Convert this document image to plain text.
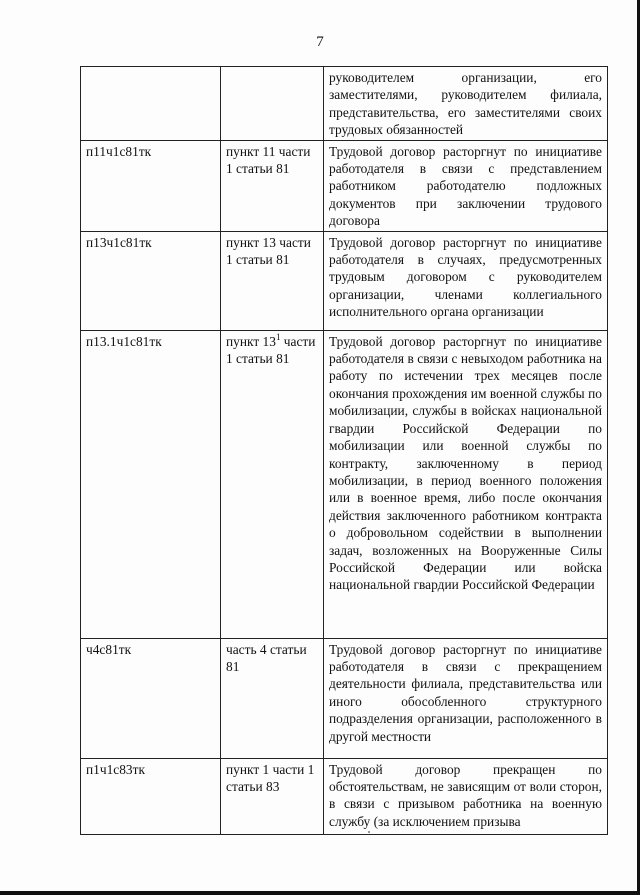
7
		руководителем организации, его заместителями, руководителем филиала, представительства, его заместителями своих трудовых обязанностей
п11ч1с81тк	пункт 11 части 1 статьи 81	Трудовой договор расторгнут по инициативе работодателя в связи с представлением работником работодателю подложных документов при заключении трудового договора
п13ч1с81тк	пункт 13 части 1 статьи 81	Трудовой договор расторгнут по инициативе работодателя в случаях, предусмотренных трудовым договором с руководителем организации, членами коллегиального исполнительного органа организации
п13.1ч1с81тк	пункт $13^1$ части 1 статьи 81	Трудовой договор расторгнут по инициативе работодателя в связи с невыходом работника на работу по истечении трех месяцев после окончания прохождения им военной службы по мобилизации, службы в войсках национальной гвардии Российской Федерации по мобилизации или военной службы по контракту, заключенному в период мобилизации, в период военного положения или в военное время, либо после окончания действия заключенного работником контракта о добровольном содействии в выполнении задач, возложенных на Вооруженные Силы Российской Федерации или войска национальной гвардии Российской Федерации
ч4с81тк	часть 4 статьи 81	Трудовой договор расторгнут по инициативе работодателя в связи с прекращением деятельности филиала, представительства или иного обособленного структурного подразделения организации, расположенного в другой местности
п1ч1с83тк	пункт 1 части 1 статьи 83	Трудовой договор прекращен по обстоятельствам, не зависящим от воли сторон, в связи с призывом работника на военную службу (за исключением призыва
